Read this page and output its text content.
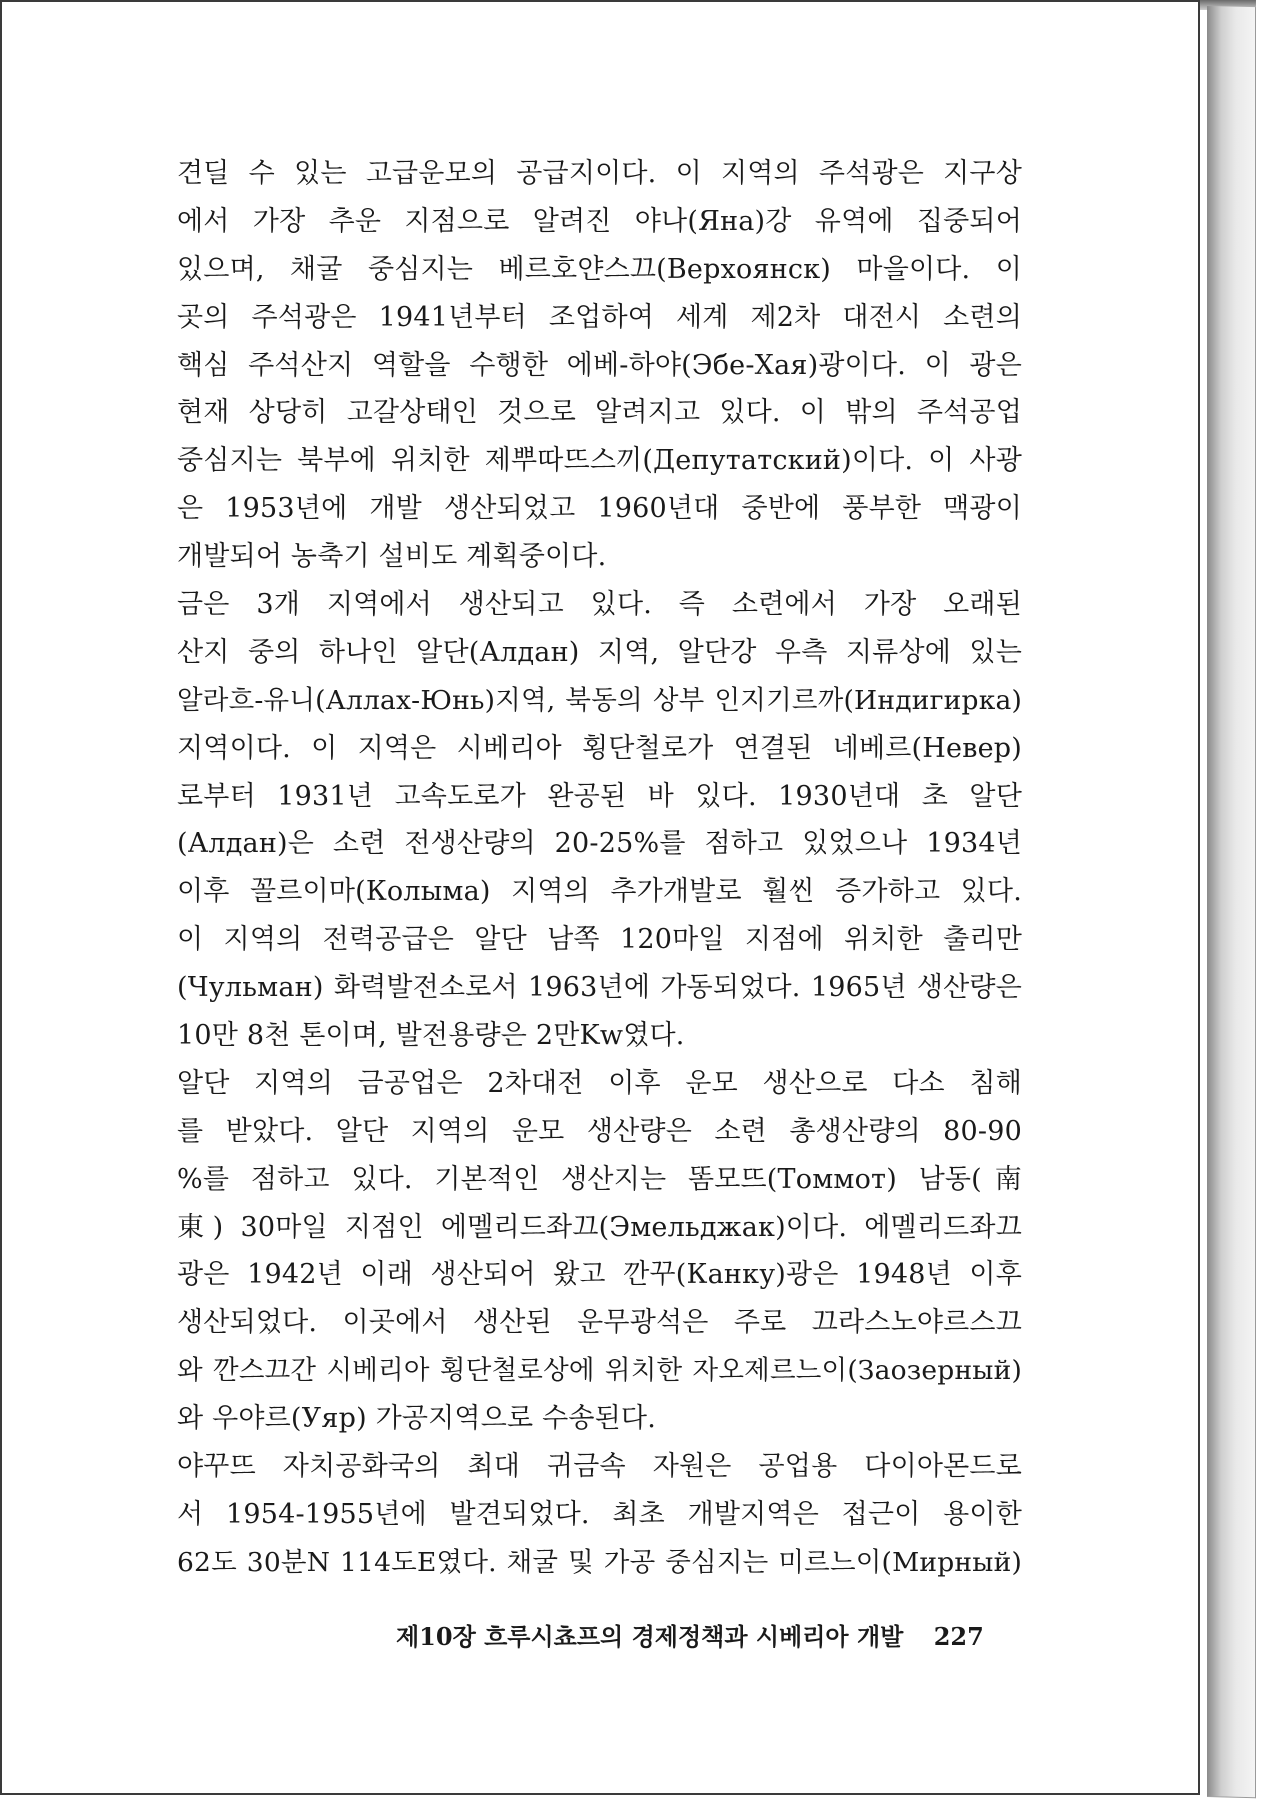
견딜 수 있는 고급운모의 공급지이다. 이 지역의 주석광은 지구상
에서 가장 추운 지점으로 알려진 야나(Яна)강 유역에 집중되어
있으며, 채굴 중심지는 베르호얀스끄(Верхоянск) 마을이다. 이
곳의 주석광은 1941년부터 조업하여 세계 제2차 대전시 소련의
핵심 주석산지 역할을 수행한 에베-하야(Эбе-Хая)광이다. 이 광은
현재 상당히 고갈상태인 것으로 알려지고 있다. 이 밖의 주석공업
중심지는 북부에 위치한 제뿌따뜨스끼(Депутатский)이다. 이 사광
은 1953년에 개발 생산되었고 1960년대 중반에 풍부한 맥광이
개발되어 농축기 설비도 계획중이다.
금은 3개 지역에서 생산되고 있다. 즉 소련에서 가장 오래된
산지 중의 하나인 알단(Алдан) 지역, 알단강 우측 지류상에 있는
알라흐-유니(Аллах-Юнь)지역, 북동의 상부 인지기르까(Индигирка)
지역이다. 이 지역은 시베리아 횡단철로가 연결된 네베르(Невер)
로부터 1931년 고속도로가 완공된 바 있다. 1930년대 초 알단
(Алдан)은 소련 전생산량의 20-25%를 점하고 있었으나 1934년
이후 꼴르이마(Колыма) 지역의 추가개발로 훨씬 증가하고 있다.
이 지역의 전력공급은 알단 남쪽 120마일 지점에 위치한 출리만
(Чульман) 화력발전소로서 1963년에 가동되었다. 1965년 생산량은
10만 8천 톤이며, 발전용량은 2만Kw였다.
알단 지역의 금공업은 2차대전 이후 운모 생산으로 다소 침해
를 받았다. 알단 지역의 운모 생산량은 소련 총생산량의 80-90
%를 점하고 있다. 기본적인 생산지는 똠모뜨(Томмот) 남동(南
東) 30마일 지점인 에멜리드좌끄(Эмельджак)이다. 에멜리드좌끄
광은 1942년 이래 생산되어 왔고 깐꾸(Канку)광은 1948년 이후
생산되었다. 이곳에서 생산된 운무광석은 주로 끄라스노야르스끄
와 깐스끄간 시베리아 횡단철로상에 위치한 자오제르느이(Заозерный)
와 우야르(Уяр) 가공지역으로 수송된다.
야꾸뜨 자치공화국의 최대 귀금속 자원은 공업용 다이아몬드로
서 1954-1955년에 발견되었다. 최초 개발지역은 접근이 용이한
62도 30분N 114도E였다. 채굴 및 가공 중심지는 미르느이(Мирный)
제10장 흐루시쵸프의 경제정책과 시베리아 개발 227
